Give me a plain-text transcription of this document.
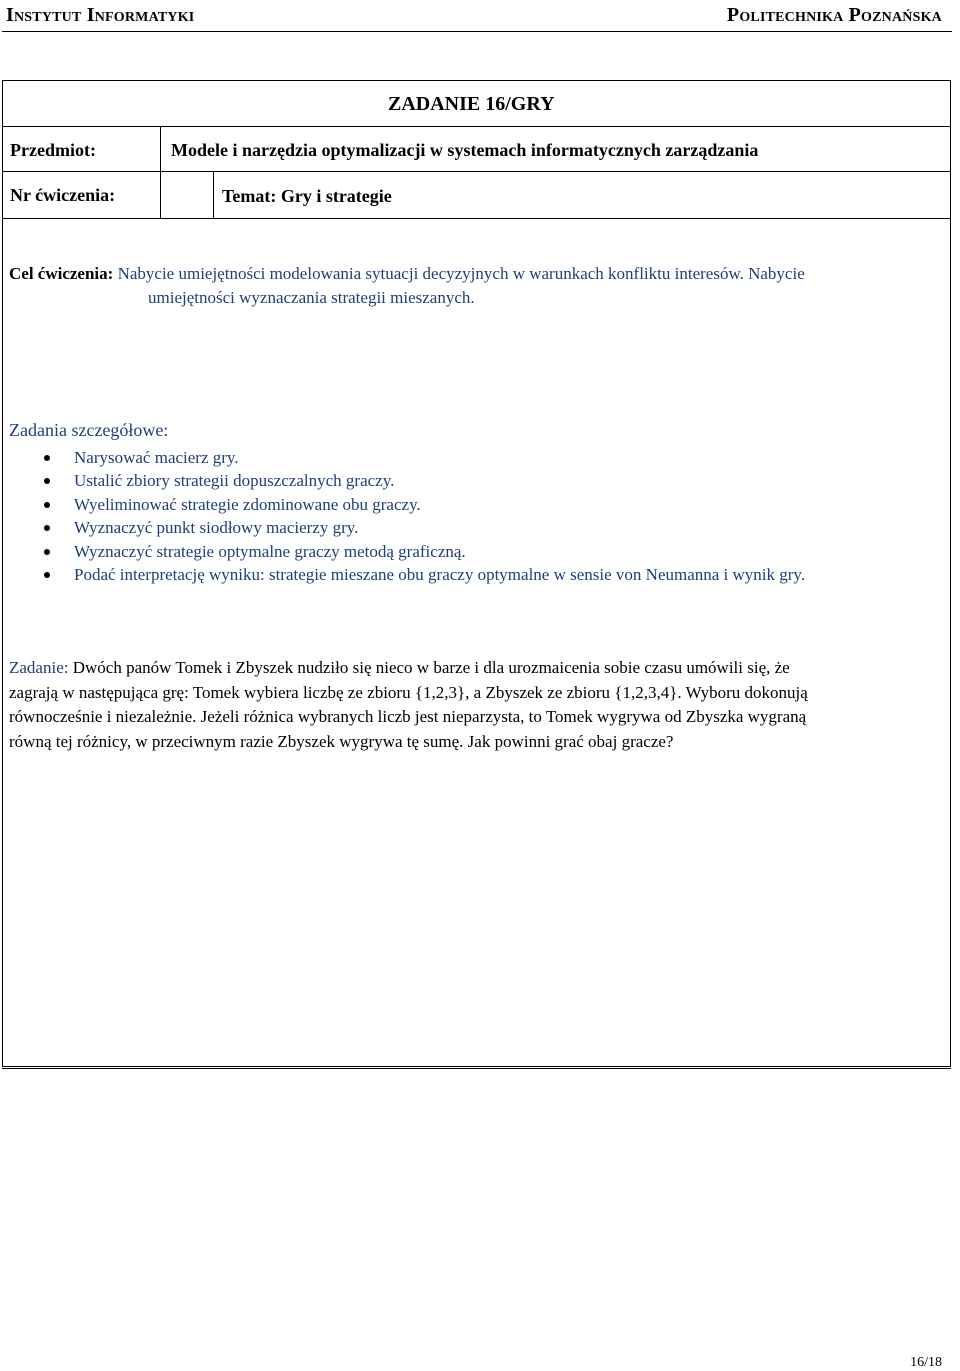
Instytut Informatyki	Politechnika Poznańska
ZADANIE 16/GRY
Przedmiot:	Modele i narzędzia optymalizacji w systemach informatycznych zarządzania
Nr ćwiczenia:	Temat: Gry i strategie
Cel ćwiczenia: Nabycie umiejętności modelowania sytuacji decyzyjnych w warunkach konfliktu interesów. Nabycie
umiejętności wyznaczania strategii mieszanych.
Zadania szczegółowe:
Narysować macierz gry.
Ustalić zbiory strategii dopuszczalnych graczy.
Wyeliminować strategie zdominowane obu graczy.
Wyznaczyć punkt siodłowy macierzy gry.
Wyznaczyć strategie optymalne graczy metodą graficzną.
Podać interpretację wyniku: strategie mieszane obu graczy optymalne w sensie von Neumanna i wynik gry.
Zadanie: Dwóch panów Tomek i Zbyszek nudziło się nieco w barze i dla urozmaicenia sobie czasu umówili się, że
zagrają w następująca grę: Tomek wybiera liczbę ze zbioru {1,2,3}, a Zbyszek ze zbioru {1,2,3,4}. Wyboru dokonują
równocześnie i niezależnie. Jeżeli różnica wybranych liczb jest nieparzysta, to Tomek wygrywa od Zbyszka wygraną
równą tej różnicy, w przeciwnym razie Zbyszek wygrywa tę sumę. Jak powinni grać obaj gracze?
16/18
